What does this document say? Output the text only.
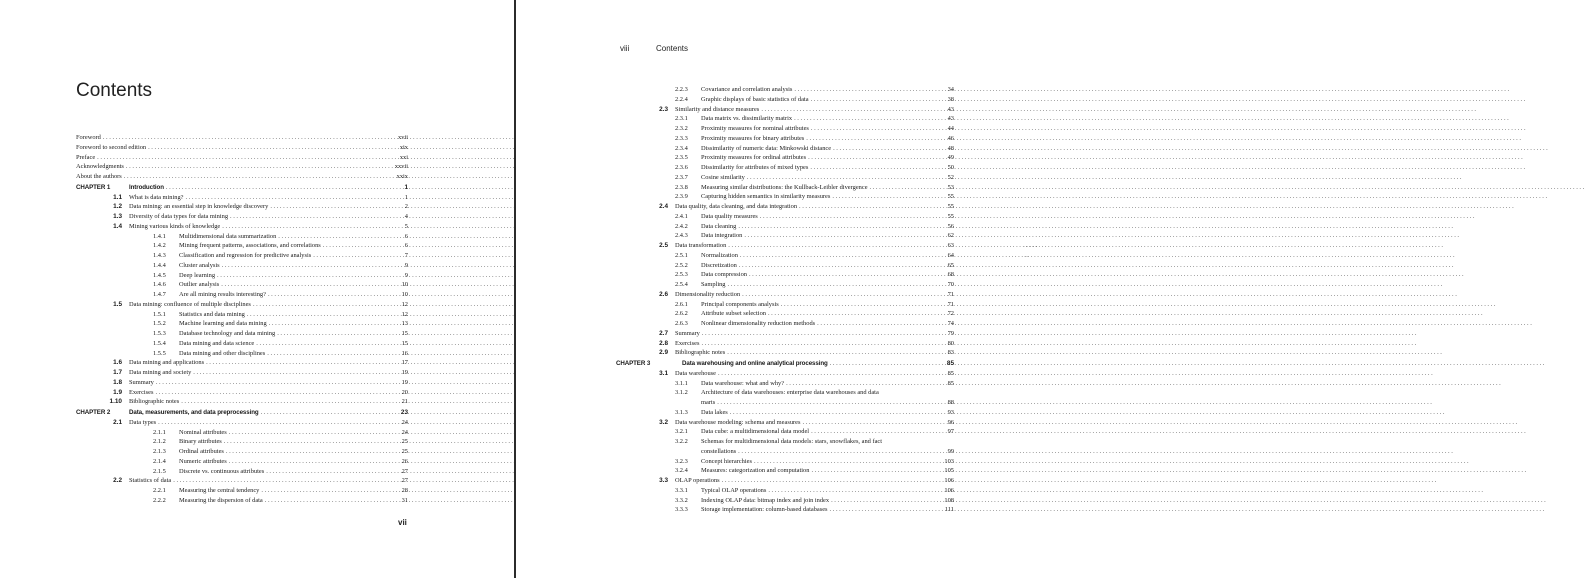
Contents
Foreword .....	xvii
Foreword to second edition .....	xix
Preface .....	xxi
Acknowledgments .....	xxvii
About the authors .....	xxix
CHAPTER 1	Introduction .....	1
1.1	What is data mining? .....	1
1.2	Data mining: an essential step in knowledge discovery .....	2
1.3	Diversity of data types for data mining .....	4
1.4	Mining various kinds of knowledge .....	5
1.4.1 Multidimensional data summarization .....	6
1.4.2 Mining frequent patterns, associations, and correlations .....	6
1.4.3 Classification and regression for predictive analysis .....	7
1.4.4 Cluster analysis .....	9
1.4.5 Deep learning .....	9
1.4.6 Outlier analysis .....	10
1.4.7 Are all mining results interesting? .....	10
1.5	Data mining: confluence of multiple disciplines .....	12
1.5.1 Statistics and data mining .....	12
1.5.2 Machine learning and data mining .....	13
1.5.3 Database technology and data mining .....	15
1.5.4 Data mining and data science .....	15
1.5.5 Data mining and other disciplines .....	16
1.6	Data mining and applications .....	17
1.7	Data mining and society .....	19
1.8	Summary .....	19
1.9	Exercises .....	20
1.10	Bibliographic notes .....	21
CHAPTER 2	Data, measurements, and data preprocessing .....	23
2.1	Data types .....	24
2.1.1 Nominal attributes .....	24
2.1.2 Binary attributes .....	25
2.1.3 Ordinal attributes .....	25
2.1.4 Numeric attributes .....	26
2.1.5 Discrete vs. continuous attributes .....	27
2.2	Statistics of data .....	27
2.2.1 Measuring the central tendency .....	28
2.2.2 Measuring the dispersion of data .....	31
vii
viii	Contents
2.2.3 Covariance and correlation analysis .....	34
2.2.4 Graphic displays of basic statistics of data .....	38
2.3	Similarity and distance measures .....	43
2.3.1 Data matrix vs. dissimilarity matrix .....	43
2.3.2 Proximity measures for nominal attributes .....	44
2.3.3 Proximity measures for binary attributes .....	46
2.3.4 Dissimilarity of numeric data: Minkowski distance .....	48
2.3.5 Proximity measures for ordinal attributes .....	49
2.3.6 Dissimilarity for attributes of mixed types .....	50
2.3.7 Cosine similarity .....	52
2.3.8 Measuring similar distributions: the Kullback-Leibler divergence .....	53
2.3.9 Capturing hidden semantics in similarity measures .....	55
2.4	Data quality, data cleaning, and data integration .....	55
2.4.1 Data quality measures .....	55
2.4.2 Data cleaning .....	56
2.4.3 Data integration .....	62
2.5	Data transformation .....	63
2.5.1 Normalization .....	64
2.5.2 Discretization .....	65
2.5.3 Data compression .....	68
2.5.4 Sampling .....	70
2.6	Dimensionality reduction .....	71
2.6.1 Principal components analysis .....	71
2.6.2 Attribute subset selection .....	72
2.6.3 Nonlinear dimensionality reduction methods .....	74
2.7	Summary .....	79
2.8	Exercises .....	80
2.9	Bibliographic notes .....	83
CHAPTER 3	Data warehousing and online analytical processing .....	85
3.1	Data warehouse .....	85
3.1.1 Data warehouse: what and why? .....	85
3.1.2 Architecture of data warehouses: enterprise data warehouses and data
marts .....	88
3.1.3 Data lakes .....	93
3.2	Data warehouse modeling: schema and measures .....	96
3.2.1 Data cube: a multidimensional data model .....	97
3.2.2 Schemas for multidimensional data models: stars, snowflakes, and fact
constellations .....	99
3.2.3 Concept hierarchies .....	103
3.2.4 Measures: categorization and computation .....	105
3.3	OLAP operations .....	106
3.3.1 Typical OLAP operations .....	106
3.3.2 Indexing OLAP data: bitmap index and join index .....	108
3.3.3 Storage implementation: column-based databases .....	111
